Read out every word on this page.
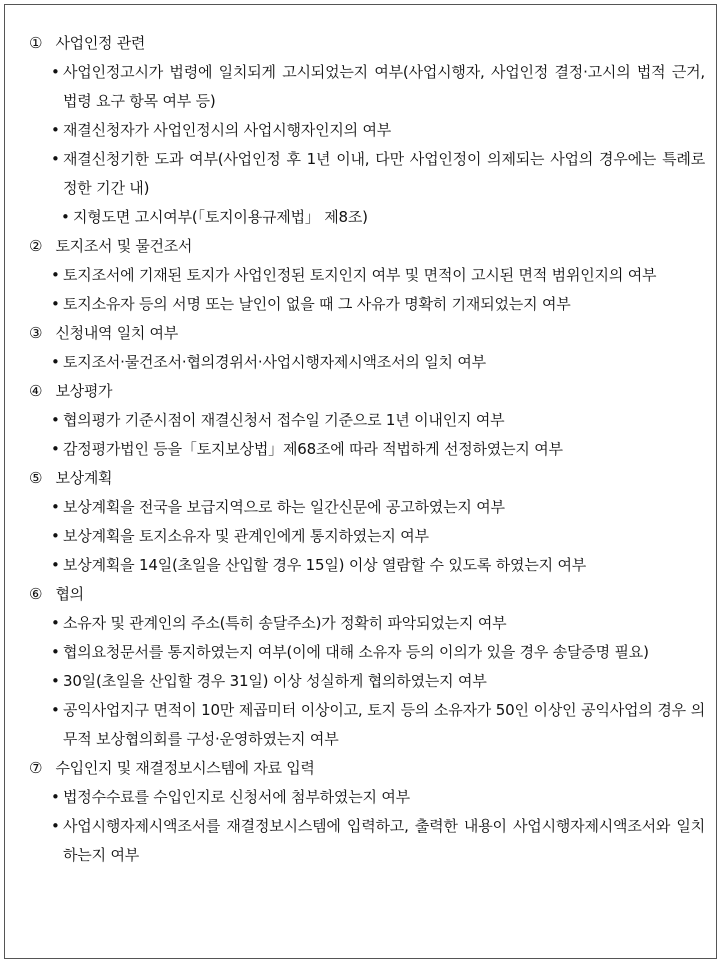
① 사업인정 관련
• 사업인정고시가 법령에 일치되게 고시되었는지 여부(사업시행자, 사업인정 결정·고시의 법적 근거, 법령 요구 항목 여부 등)
• 재결신청자가 사업인정시의 사업시행자인지의 여부
• 재결신청기한 도과 여부(사업인정 후 1년 이내, 다만 사업인정이 의제되는 사업의 경우에는 특례로 정한 기간 내)
• 지형도면 고시여부(「토지이용규제법」 제8조)
② 토지조서 및 물건조서
• 토지조서에 기재된 토지가 사업인정된 토지인지 여부 및 면적이 고시된 면적 범위인지의 여부
• 토지소유자 등의 서명 또는 날인이 없을 때 그 사유가 명확히 기재되었는지 여부
③ 신청내역 일치 여부
• 토지조서·물건조서·협의경위서·사업시행자제시액조서의 일치 여부
④ 보상평가
• 협의평가 기준시점이 재결신청서 접수일 기준으로 1년 이내인지 여부
• 감정평가법인 등을「토지보상법」제68조에 따라 적법하게 선정하였는지 여부
⑤ 보상계획
• 보상계획을 전국을 보급지역으로 하는 일간신문에 공고하였는지 여부
• 보상계획을 토지소유자 및 관계인에게 통지하였는지 여부
• 보상계획을 14일(초일을 산입할 경우 15일) 이상 열람할 수 있도록 하였는지 여부
⑥ 협의
• 소유자 및 관계인의 주소(특히 송달주소)가 정확히 파악되었는지 여부
• 협의요청문서를 통지하였는지 여부(이에 대해 소유자 등의 이의가 있을 경우 송달증명 필요)
• 30일(초일을 산입할 경우 31일) 이상 성실하게 협의하였는지 여부
• 공익사업지구 면적이 10만 제곱미터 이상이고, 토지 등의 소유자가 50인 이상인 공익사업의 경우 의무적 보상협의회를 구성·운영하였는지 여부
⑦ 수입인지 및 재결정보시스템에 자료 입력
• 법정수수료를 수입인지로 신청서에 첨부하였는지 여부
• 사업시행자제시액조서를 재결정보시스템에 입력하고, 출력한 내용이 사업시행자제시액조서와 일치하는지 여부
